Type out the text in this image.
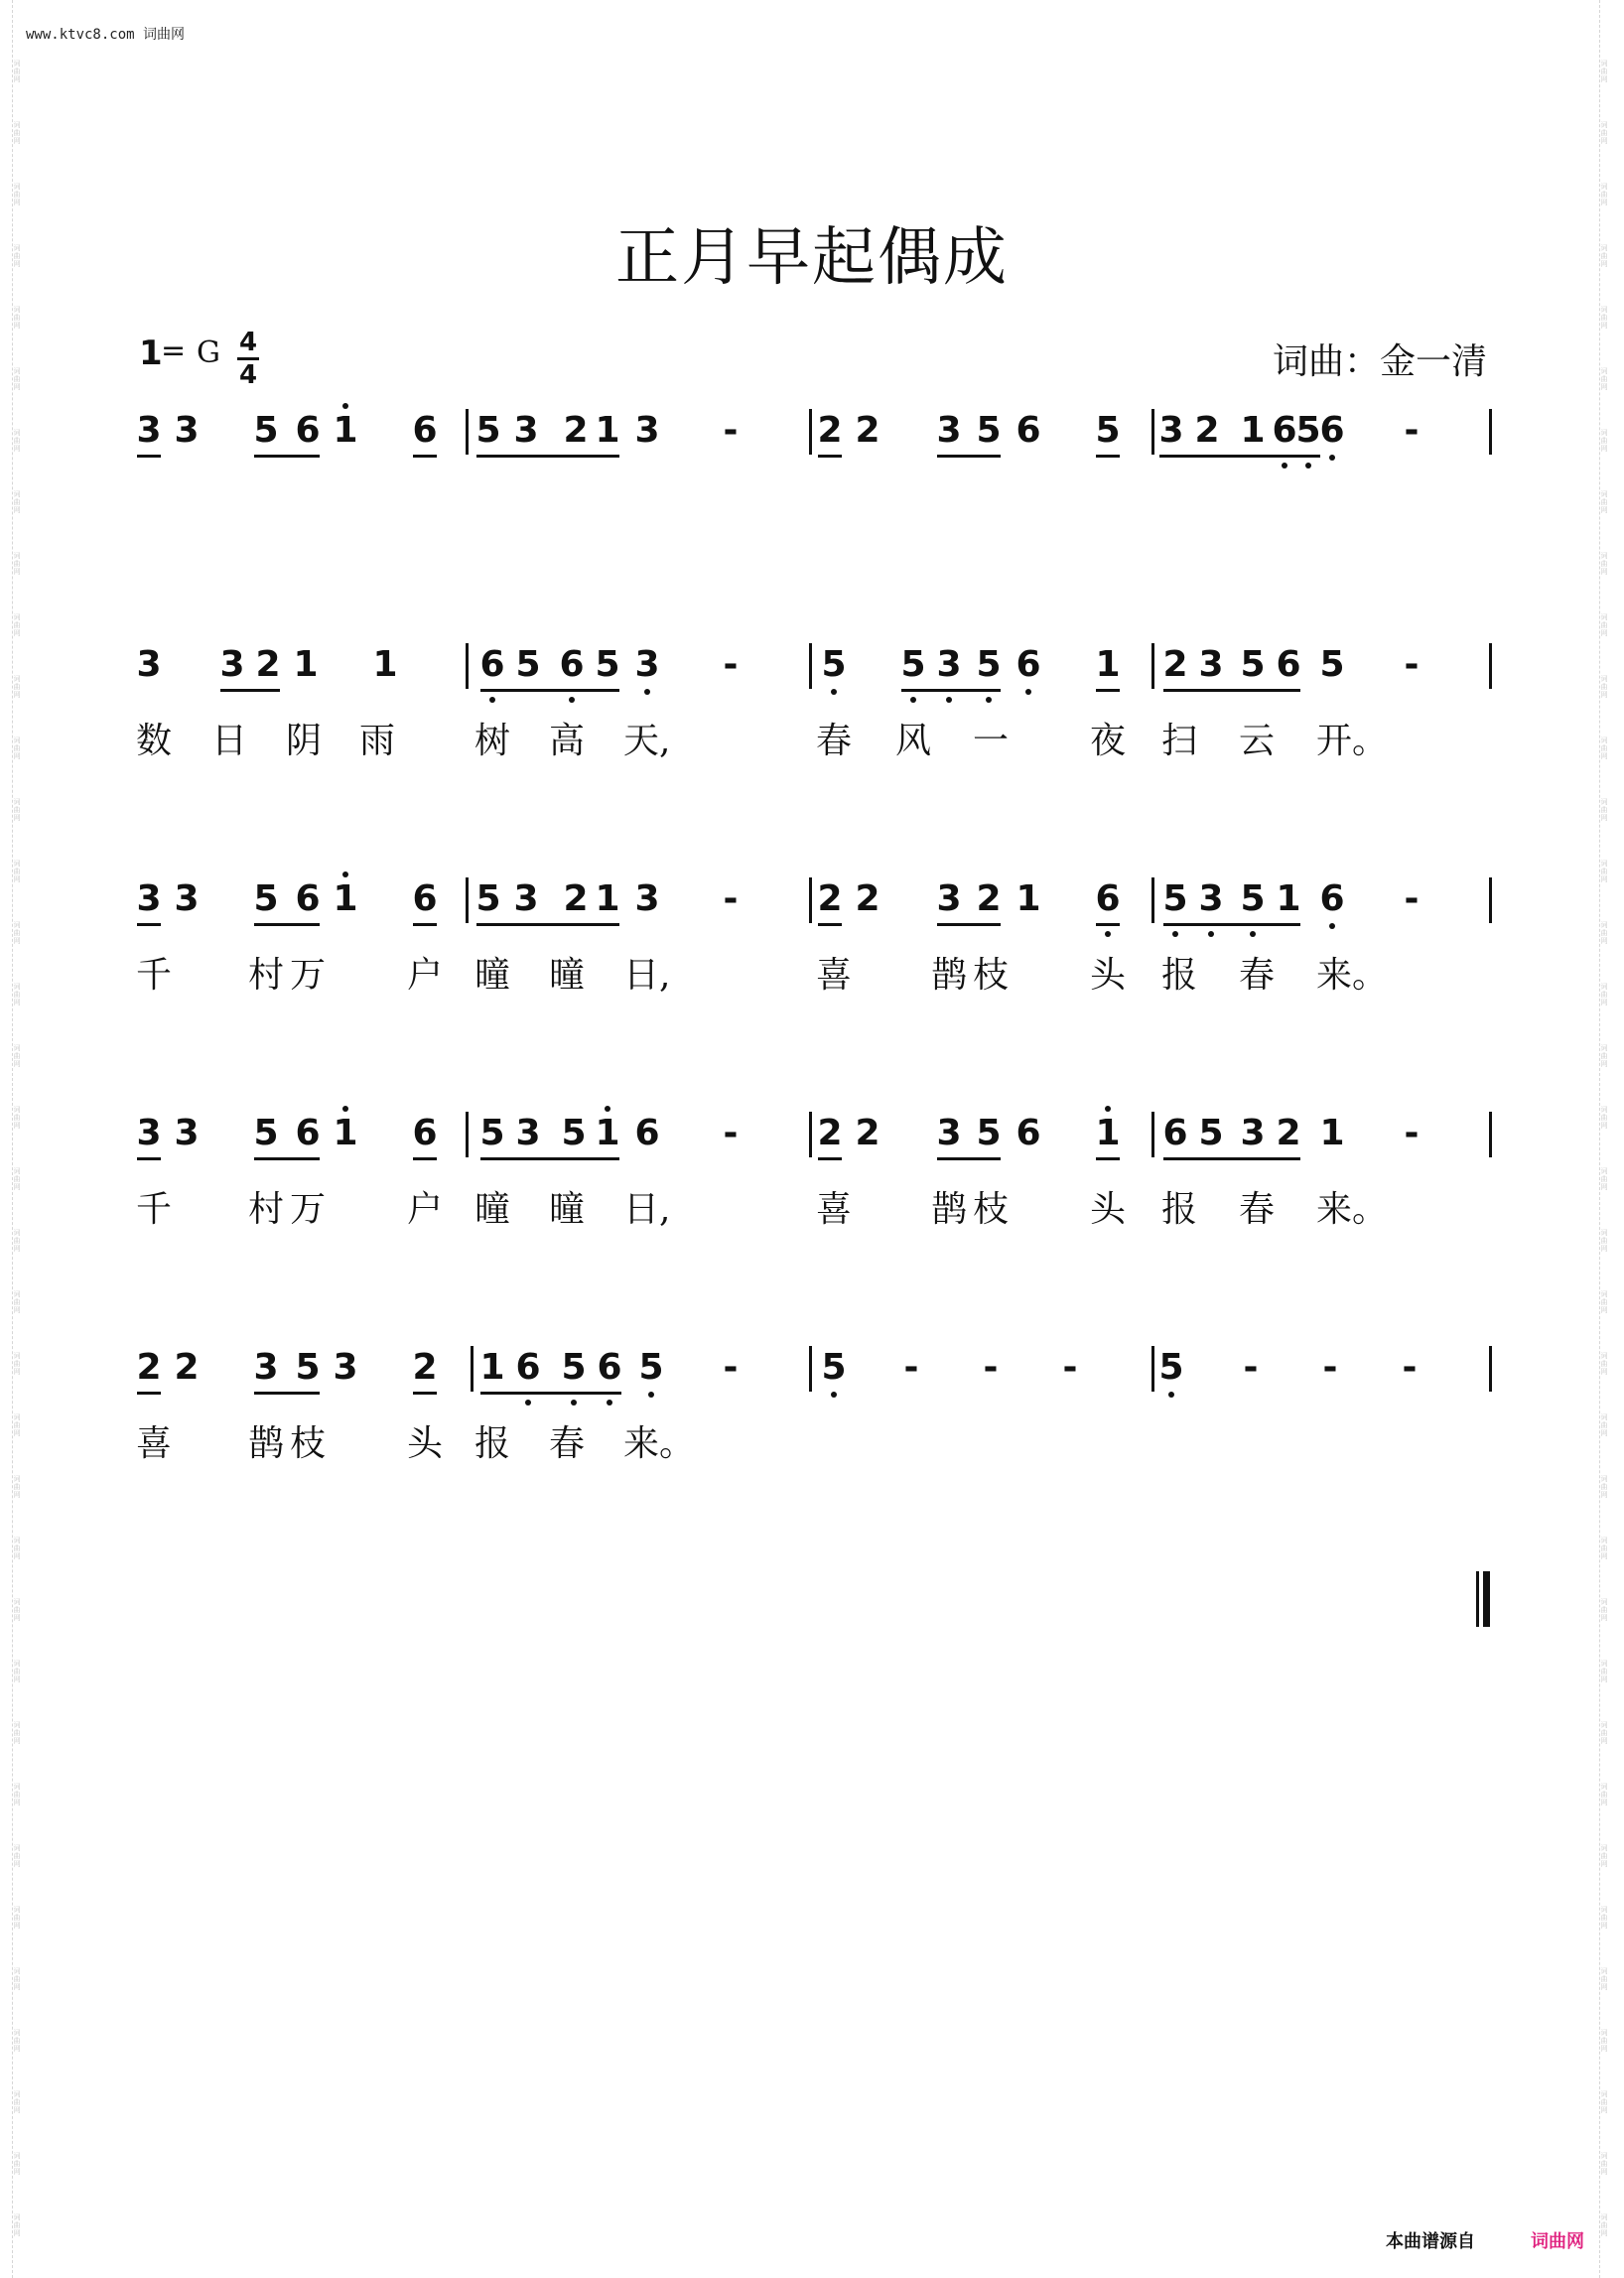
www.ktvc8.com 词曲网
词
曲
网
词
曲
网
词
曲
网
词
曲
网
词
曲
网
词
曲
网
词
曲
网
词
曲
网
词
曲
网
词
曲
网
词
曲
网
词
曲
网
词
曲
网
词
曲
网
词
曲
网
词
曲
网
词
曲
网
词
曲
网
词
曲
网
词
曲
网
词
曲
网
词
曲
网
词
曲
网
词
曲
网
词
曲
网
词
曲
网
词
曲
网
词
曲
网
词
曲
网
词
曲
网
词
曲
网
词
曲
网
词
曲
网
词
曲
网
词
曲
网
词
曲
网
词
曲
网
词
曲
网
词
曲
网
词
曲
网
词
曲
网
词
曲
网
词
曲
网
词
曲
网
词
曲
网
词
曲
网
词
曲
网
词
曲
网
词
曲
网
词
曲
网
词
曲
网
词
曲
网
词
曲
网
词
曲
网
词
曲
网
词
曲
网
词
曲
网
词
曲
网
词
曲
网
词
曲
网
词
曲
网
词
曲
网
词
曲
网
词
曲
网
词
曲
网
词
曲
网
词
曲
网
词
曲
网
词
曲
网
词
曲
网
词
曲
网
词
曲
网
正月早起偶成
1
= G 4
4	词曲：金一清
3 3 5 6 1 6 5 3 2 1 3 - 2 2 3 5 6 5 3 2 1 6
5
6 -
3 3 2 1 1 6 5 6 5 3 - 5 5 3 5 6 1 2 3 5 6 5 -
数 日 阴 雨 树 高 天,	春 风 一 夜 扫 云 开。
3 3 5 6 1 6 5 3 2 1 3 - 2 2 3 2 1 6 5 3 5 1 6 -
千 村 万 户 曈 曈 日,	喜 鹊 枝 头 报 春 来。
3 3 5 6 1 6 5 3 5 1 6 - 2 2 3 5 6 1 6 5 3 2 1 -
千 村 万 户 曈 曈 日,	喜 鹊 枝 头 报 春 来。
2 2 3 5 3 2 1 6 5 6 5 - 5 - - - 5 - - -
喜 鹊 枝 头 报 春 来。
本曲谱源自	词曲网
